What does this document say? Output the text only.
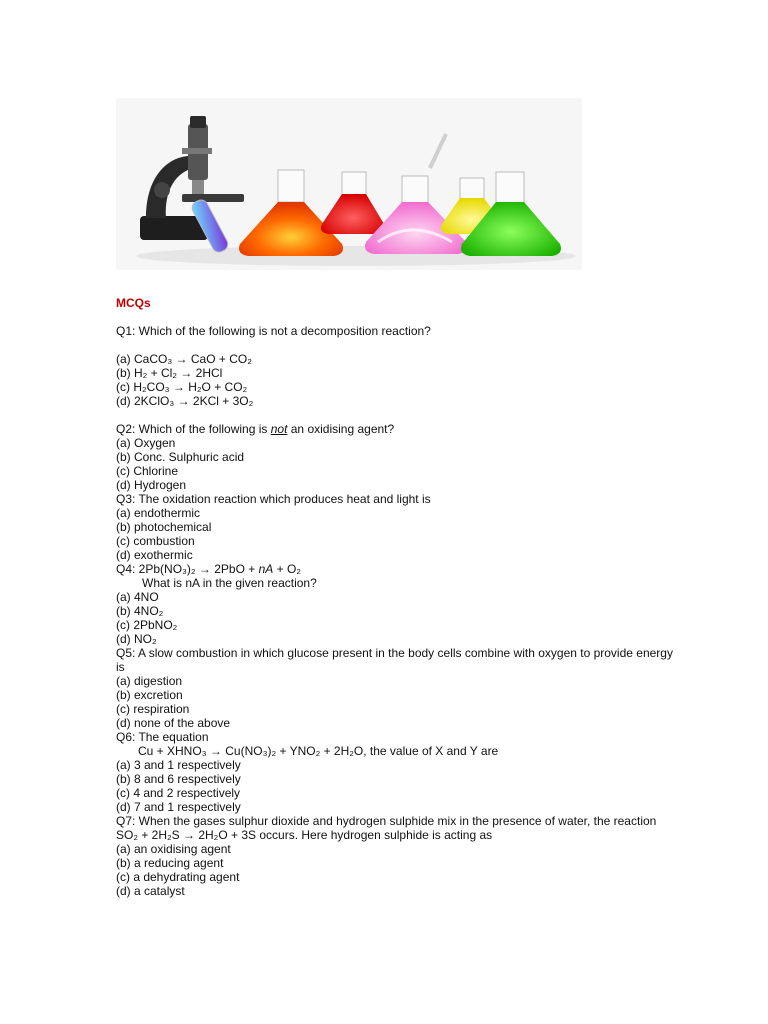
MCQs
Q1: Which of the following is not a decomposition reaction?
(a) CaCO₃ → CaO + CO₂
(b) H₂ + Cl₂ → 2HCl
(c) H₂CO₃ → H₂O + CO₂
(d) 2KClO₃ → 2KCl + 3O₂
Q2: Which of the following is not an oxidising agent?
(a) Oxygen
(b) Conc. Sulphuric acid
(c) Chlorine
(d) Hydrogen
Q3: The oxidation reaction which produces heat and light is
(a) endothermic
(b) photochemical
(c) combustion
(d) exothermic
Q4: 2Pb(NO₃)₂ → 2PbO + nA + O₂
What is nA in the given reaction?
(a) 4NO
(b) 4NO₂
(c) 2PbNO₂
(d) NO₂
Q5: A slow combustion in which glucose present in the body cells combine with oxygen to provide energy is
(a) digestion
(b) excretion
(c) respiration
(d) none of the above
Q6: The equation
Cu + XHNO₃ → Cu(NO₃)₂ + YNO₂ + 2H₂O, the value of X and Y are
(a) 3 and 1 respectively
(b) 8 and 6 respectively
(c) 4 and 2 respectively
(d) 7 and 1 respectively
Q7: When the gases sulphur dioxide and hydrogen sulphide mix in the presence of water, the reaction SO₂ + 2H₂S → 2H₂O + 3S occurs. Here hydrogen sulphide is acting as
(a) an oxidising agent
(b) a reducing agent
(c) a dehydrating agent
(d) a catalyst
